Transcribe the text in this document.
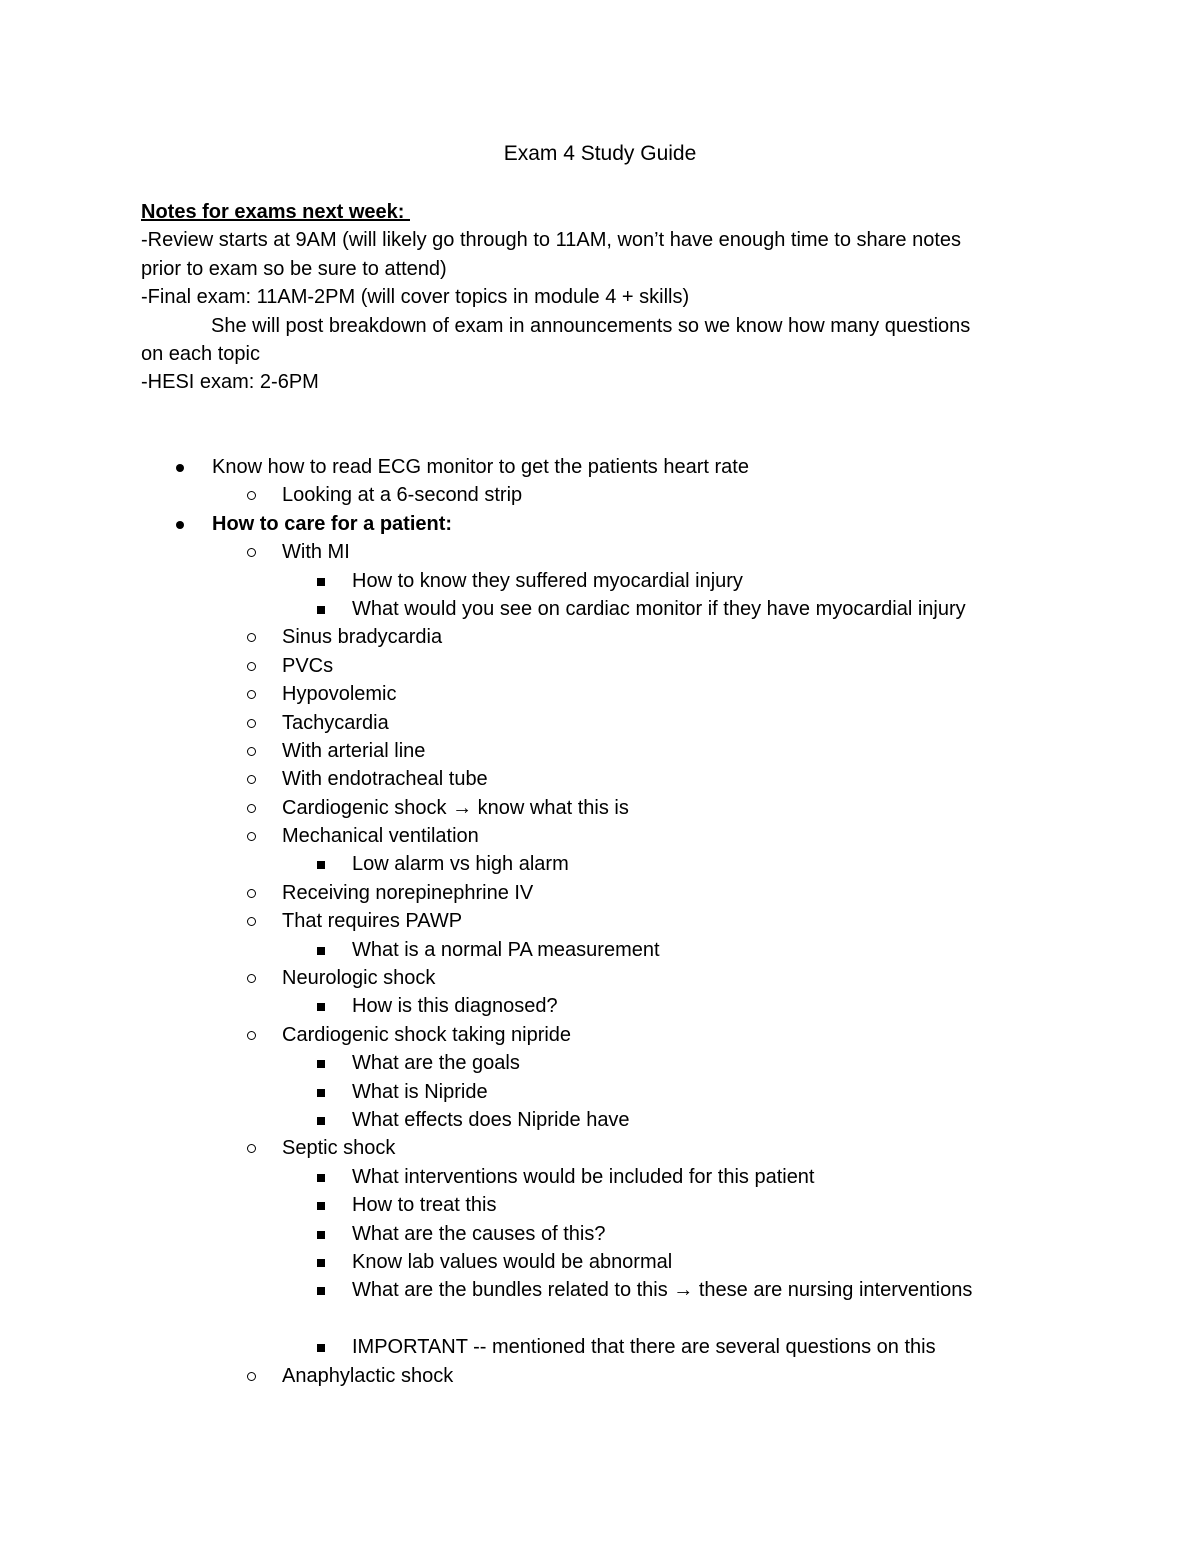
Exam 4 Study Guide
Notes for exams next week:
-Review starts at 9AM (will likely go through to 11AM, won’t have enough time to share notes
prior to exam so be sure to attend)
-Final exam: 11AM-2PM (will cover topics in module 4 + skills)
She will post breakdown of exam in announcements so we know how many questions
on each topic
-HESI exam: 2-6PM
Know how to read ECG monitor to get the patients heart rate
Looking at a 6-second strip
How to care for a patient:
With MI
How to know they suffered myocardial injury
What would you see on cardiac monitor if they have myocardial injury
Sinus bradycardia
PVCs
Hypovolemic
Tachycardia
With arterial line
With endotracheal tube
Cardiogenic shock → know what this is
Mechanical ventilation
Low alarm vs high alarm
Receiving norepinephrine IV
That requires PAWP
What is a normal PA measurement
Neurologic shock
How is this diagnosed?
Cardiogenic shock taking nipride
What are the goals
What is Nipride
What effects does Nipride have
Septic shock
What interventions would be included for this patient
How to treat this
What are the causes of this?
Know lab values would be abnormal
What are the bundles related to this → these are nursing interventions
IMPORTANT -- mentioned that there are several questions on this
Anaphylactic shock
